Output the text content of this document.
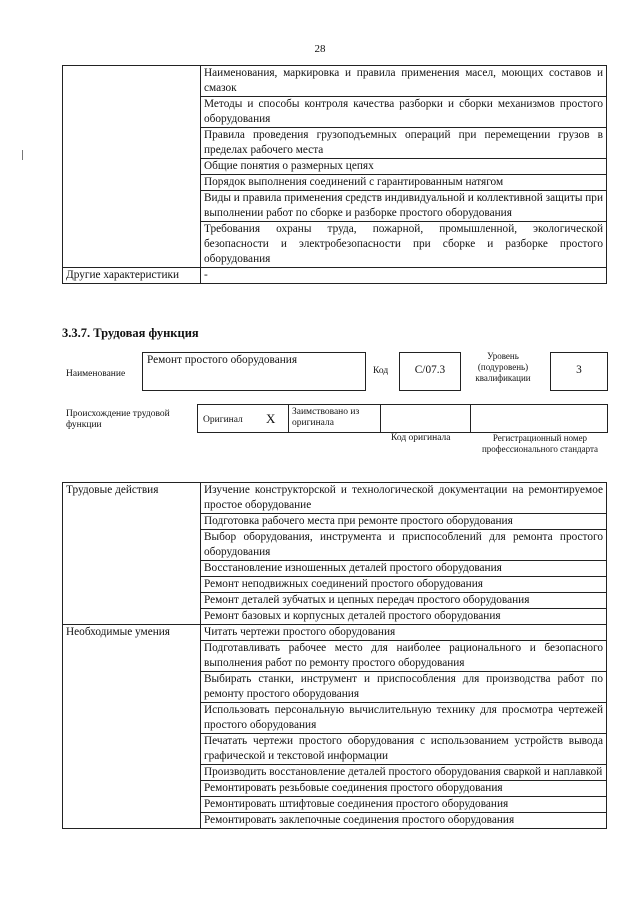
28
	Наименования, маркировка и правила применения масел, моющих составов и смазок
	Методы и способы контроля качества разборки и сборки механизмов простого оборудования
	Правила проведения грузоподъемных операций при перемещении грузов в пределах рабочего места
	Общие понятия о размерных цепях
	Порядок выполнения соединений с гарантированным натягом
	Виды и правила применения средств индивидуальной и коллективной защиты при выполнении работ по сборке и разборке простого оборудования
	Требования охраны труда, пожарной, промышленной, экологической безопасности и электробезопасности при сборке и разборке простого оборудования
Другие характеристики	-
3.3.7. Трудовая функция
Наименование
Ремонт простого оборудования
Код	C/07.3
Уровень (подуровень) квалификации
3
Происхождение трудовой функции	Оригинал X Заимствовано из оригинала
Код оригинала	Регистрационный номер профессионального стандарта
Трудовые действия	Изучение конструкторской и технологической документации на ремонтируемое простое оборудование
	Подготовка рабочего места при ремонте простого оборудования
	Выбор оборудования, инструмента и приспособлений для ремонта простого оборудования
	Восстановление изношенных деталей простого оборудования
	Ремонт неподвижных соединений простого оборудования
	Ремонт деталей зубчатых и цепных передач простого оборудования
	Ремонт базовых и корпусных деталей простого оборудования
Необходимые умения	Читать чертежи простого оборудования
	Подготавливать рабочее место для наиболее рационального и безопасного выполнения работ по ремонту простого оборудования
	Выбирать станки, инструмент и приспособления для производства работ по ремонту простого оборудования
	Использовать персональную вычислительную технику для просмотра чертежей простого оборудования
	Печатать чертежи простого оборудования с использованием устройств вывода графической и текстовой информации
	Производить восстановление деталей простого оборудования сваркой и наплавкой
	Ремонтировать резьбовые соединения простого оборудования
	Ремонтировать штифтовые соединения простого оборудования
	Ремонтировать заклепочные соединения простого оборудования
